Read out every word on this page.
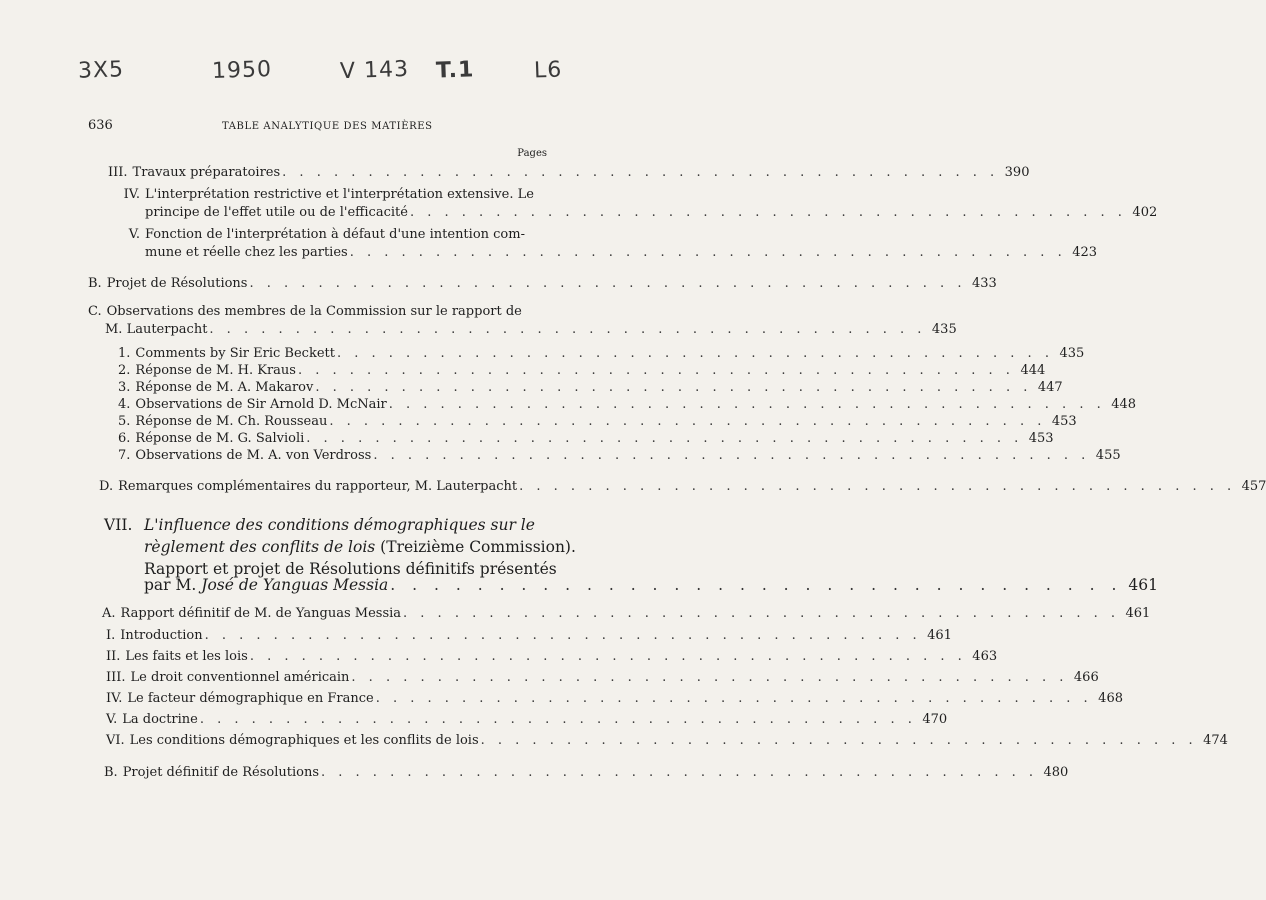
3X5	1950	V 143 T.1	L6
636	TABLE ANALYTIQUE DES MATIÈRES
Pages
III. Travaux préparatoires . . . . . . . . . . . . . . . . . . . . . . . . . . . . . . . . . . . . . . . . . . 390
IV. L'interprétation restrictive et l'interprétation extensive. Le
principe de l'effet utile ou de l'efficacité . . . . . . . . . . . . . . . . . . . . . . . . . . . . . . . . . . . . . . . . . . 402
V. Fonction de l'interprétation à défaut d'une intention com-
mune et réelle chez les parties . . . . . . . . . . . . . . . . . . . . . . . . . . . . . . . . . . . . . . . . . . 423
B. Projet de Résolutions . . . . . . . . . . . . . . . . . . . . . . . . . . . . . . . . . . . . . . . . . . 433
C. Observations des membres de la Commission sur le rapport de
M. Lauterpacht . . . . . . . . . . . . . . . . . . . . . . . . . . . . . . . . . . . . . . . . . . 435
1. Comments by Sir Eric Beckett . . . . . . . . . . . . . . . . . . . . . . . . . . . . . . . . . . . . . . . . . . 435
2. Réponse de M. H. Kraus . . . . . . . . . . . . . . . . . . . . . . . . . . . . . . . . . . . . . . . . . . 444
3. Réponse de M. A. Makarov . . . . . . . . . . . . . . . . . . . . . . . . . . . . . . . . . . . . . . . . . . 447
4. Observations de Sir Arnold D. McNair . . . . . . . . . . . . . . . . . . . . . . . . . . . . . . . . . . . . . . . . . . 448
5. Réponse de M. Ch. Rousseau . . . . . . . . . . . . . . . . . . . . . . . . . . . . . . . . . . . . . . . . . . 453
6. Réponse de M. G. Salvioli . . . . . . . . . . . . . . . . . . . . . . . . . . . . . . . . . . . . . . . . . . 453
7. Observations de M. A. von Verdross . . . . . . . . . . . . . . . . . . . . . . . . . . . . . . . . . . . . . . . . . . 455
D. Remarques complémentaires du rapporteur, M. Lauterpacht . . . . . . . . . . . . . . . . . . . . . . . . . . . . . . . . . . . . . . . . . . 457
VII. L'influence des conditions démographiques sur le
règlement des conflits de lois (Treizième Commission).
Rapport et projet de Résolutions définitifs présentés
par M. José de Yanguas Messia . . . . . . . . . . . . . . . . . . . . . . . . . . . . . . . . . . 461
A. Rapport définitif de M. de Yanguas Messia . . . . . . . . . . . . . . . . . . . . . . . . . . . . . . . . . . . . . . . . . . 461
I. Introduction . . . . . . . . . . . . . . . . . . . . . . . . . . . . . . . . . . . . . . . . . . 461
II. Les faits et les lois . . . . . . . . . . . . . . . . . . . . . . . . . . . . . . . . . . . . . . . . . . 463
III. Le droit conventionnel américain . . . . . . . . . . . . . . . . . . . . . . . . . . . . . . . . . . . . . . . . . . 466
IV. Le facteur démographique en France . . . . . . . . . . . . . . . . . . . . . . . . . . . . . . . . . . . . . . . . . . 468
V. La doctrine . . . . . . . . . . . . . . . . . . . . . . . . . . . . . . . . . . . . . . . . . . 470
VI. Les conditions démographiques et les conflits de lois . . . . . . . . . . . . . . . . . . . . . . . . . . . . . . . . . . . . . . . . . . 474
B. Projet définitif de Résolutions . . . . . . . . . . . . . . . . . . . . . . . . . . . . . . . . . . . . . . . . . . 480
